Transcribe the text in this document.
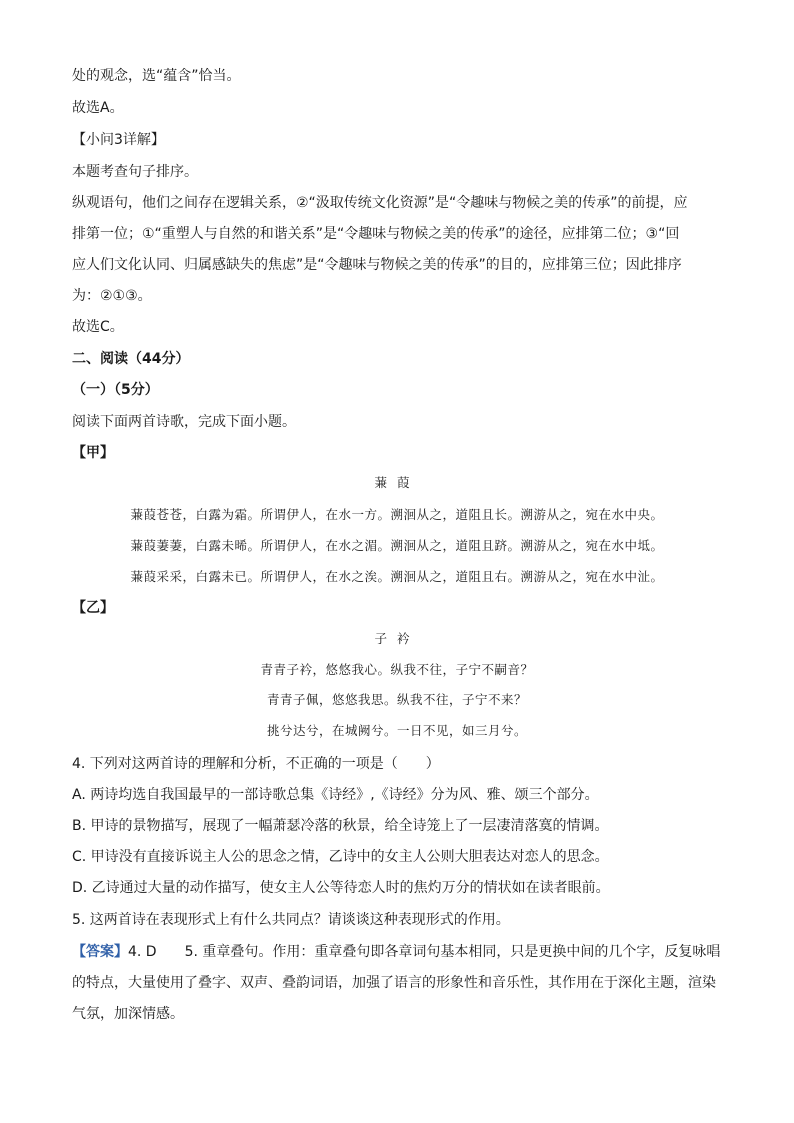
处的观念，选“蕴含”恰当。
故选A。
【小问3详解】
本题考查句子排序。
纵观语句，他们之间存在逻辑关系，②“汲取传统文化资源”是“令趣味与物候之美的传承”的前提，应
排第一位；①“重塑人与自然的和谐关系”是“令趣味与物候之美的传承”的途径，应排第二位；③“回
应人们文化认同、归属感缺失的焦虑”是“令趣味与物候之美的传承”的目的，应排第三位；因此排序
为：②①③。
故选C。
二、阅读（44分）
（一）（5分）
阅读下面两首诗歌，完成下面小题。
【甲】
蒹葭
蒹葭苍苍，白露为霜。所谓伊人，在水一方。溯洄从之，道阻且长。溯游从之，宛在水中央。
蒹葭萋萋，白露未晞。所谓伊人，在水之湄。溯洄从之，道阻且跻。溯游从之，宛在水中坻。
蒹葭采采，白露未已。所谓伊人，在水之涘。溯洄从之，道阻且右。溯游从之，宛在水中沚。
【乙】
子衿
青青子衿，悠悠我心。纵我不往，子宁不嗣音？
青青子佩，悠悠我思。纵我不往，子宁不来？
挑兮达兮，在城阙兮。一日不见，如三月兮。
4. 下列对这两首诗的理解和分析，不正确的一项是（　　）
A. 两诗均选自我国最早的一部诗歌总集《诗经》,《诗经》分为风、雅、颂三个部分。
B. 甲诗的景物描写，展现了一幅萧瑟冷落的秋景，给全诗笼上了一层凄清落寞的情调。
C. 甲诗没有直接诉说主人公的思念之情，乙诗中的女主人公则大胆表达对恋人的思念。
D. 乙诗通过大量的动作描写，使女主人公等待恋人时的焦灼万分的情状如在读者眼前。
5. 这两首诗在表现形式上有什么共同点？请谈谈这种表现形式的作用。
【答案】4. D 5. 重章叠句。作用：重章叠句即各章词句基本相同，只是更换中间的几个字，反复咏唱
的特点，大量使用了叠字、双声、叠韵词语，加强了语言的形象性和音乐性，其作用在于深化主题，渲染
气氛，加深情感。
